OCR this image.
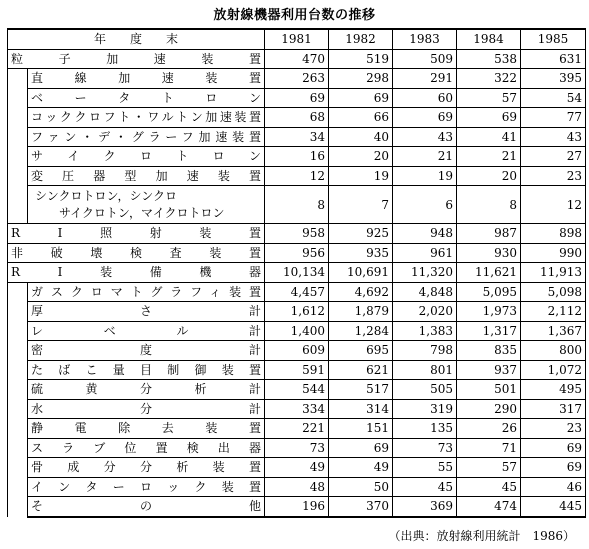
放射線機器利用台数の推移
年　　度　　末		1981	1982	1983	1984	1985
粒　子　加　速　装　置		470	519	509	538	631
	直　線　加　速　装　置	263	298	291	322	395
	ベ　ー　タ　ト　ロ　ン	69	69	60	57	54
	コッククロフト・ワルトン加速装置	68	66	69	69	77
	ファン・デ・グラーフ加速装置	34	40	43	41	43
	サ　イ　ク　ロ　ト　ロ　ン	16	20	21	21	27
	変　圧　器　型　加　速　装　置	12	19	19	20	23

	シンクロトロン，シンクロ
サイクロトン，マイクロトロン	8	7	6	8	12
R　　I　　照　　射　　装　　置		958	925	948	987	898
非　破　壊　検　査　装　置		956	935	961	930	990
R　　I　　装　　備　　機　　器		10,134	10,691	11,320	11,621	11,913
	ガスクロマトグラフィ装置	4,457	4,692	4,848	5,095	5,098
	厚　　　　さ　　　　計	1,612	1,879	2,020	1,973	2,112
	レ　　ベ　　ル　　計	1,400	1,284	1,383	1,317	1,367
	密　　　　度　　　　計	609	695	798	835	800
	た　ば　こ　量　目　制　御　装　置	591	621	801	937	1,072
	硫　　黄　　分　　析　　計	544	517	505	501	495
	水　　　　分　　　　計	334	314	319	290	317
	静　電　除　去　装　置	221	151	135	26	23
	ス　ラ　ブ　位　置　検　出　器	73	69	73	71	69
	骨　成　分　分　析　装　置	49	49	55	57	69
	イ　ン　タ　ー　ロ　ッ　ク　装　置	48	50	45	45	46
	そ　　　　の　　　　他	196	370	369	474	445
（出典：放射線利用統計　1986）
